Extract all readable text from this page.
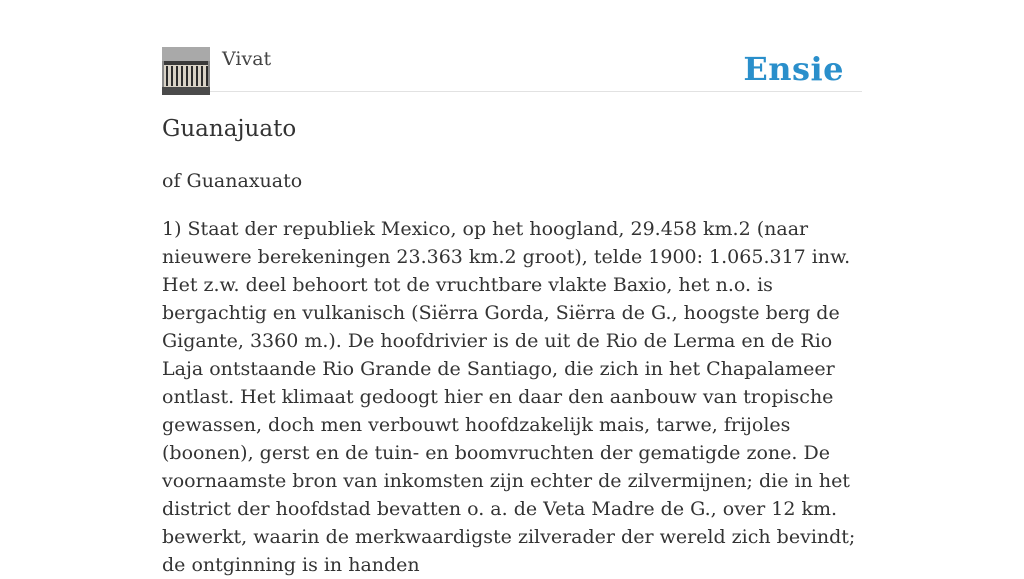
Vivat	Ensie
Guanajuato
of Guanaxuato

1) Staat der republiek Mexico, op het hoogland, 29.458 km.2 (naar nieuwere berekeningen 23.363 km.2 groot), telde 1900: 1.065.317 inw. Het z.w. deel behoort tot de vruchtbare vlakte Baxio, het n.o. is bergachtig en vulkanisch (Siërra Gorda, Siërra de G., hoogste berg de Gigante, 3360 m.). De hoofdrivier is de uit de Rio de Lerma en de Rio Laja ontstaande Rio Grande de Santiago, die zich in het Chapalameer ontlast. Het klimaat gedoogt hier en daar den aanbouw van tropische gewassen, doch men verbouwt hoofdzakelijk mais, tarwe, frijoles (boonen), gerst en de tuin- en boomvruchten der gematigde zone. De voornaamste bron van inkomsten zijn echter de zilvermijnen; die in het district der hoofdstad bevatten o. a. de Veta Madre de G., over 12 km. bewerkt, waarin de merkwaardigste zilverader der wereld zich bevindt; de ontginning is in handen
